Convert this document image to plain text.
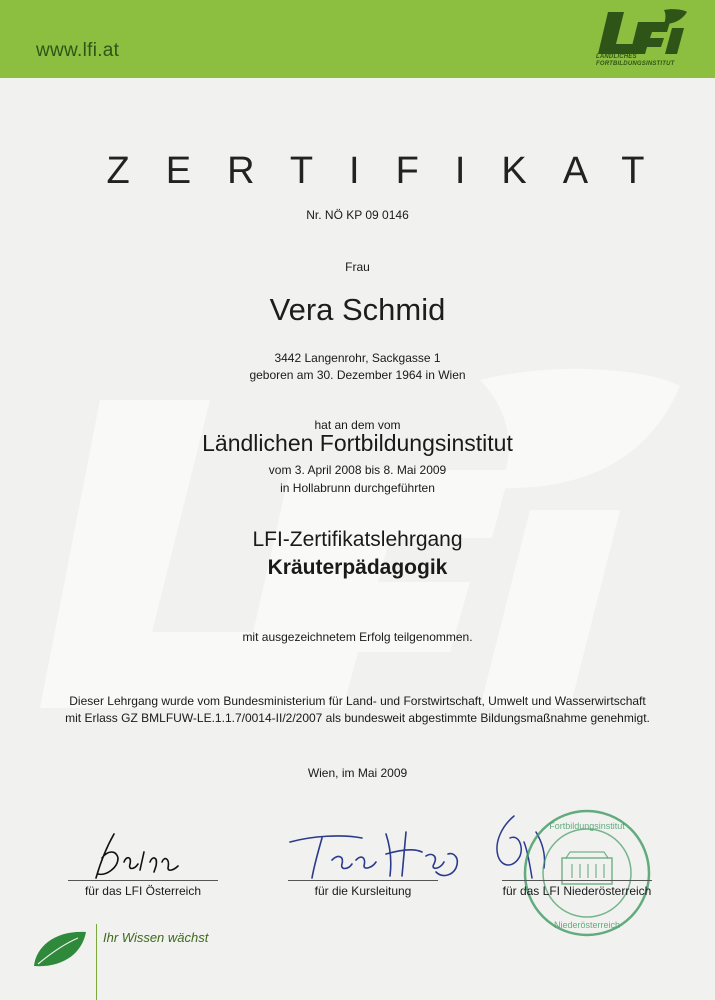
www.lfi.at	LÄNDLICHES FORTBILDUNGSINSTITUT
ZERTIFIKAT
Nr. NÖ KP 09 0146
Frau
Vera Schmid
3442 Langenrohr, Sackgasse 1
geboren am 30. Dezember 1964 in Wien
hat an dem vom
Ländlichen Fortbildungsinstitut
vom 3. April 2008 bis 8. Mai 2009
in Hollabrunn durchgeführten
LFI-Zertifikatslehrgang
Kräuterpädagogik
mit ausgezeichnetem Erfolg teilgenommen.
Dieser Lehrgang wurde vom Bundesministerium für Land- und Forstwirtschaft, Umwelt und Wasserwirtschaft
mit Erlass GZ BMLFUW-LE.1.1.7/0014-II/2/2007 als bundesweit abgestimmte Bildungsmaßnahme genehmigt.
Wien, im Mai 2009
Fortbildungsinstitut
Niederösterreich
für das LFI Österreich	für die Kursleitung	für das LFI Niederösterreich
Ihr Wissen wächst
